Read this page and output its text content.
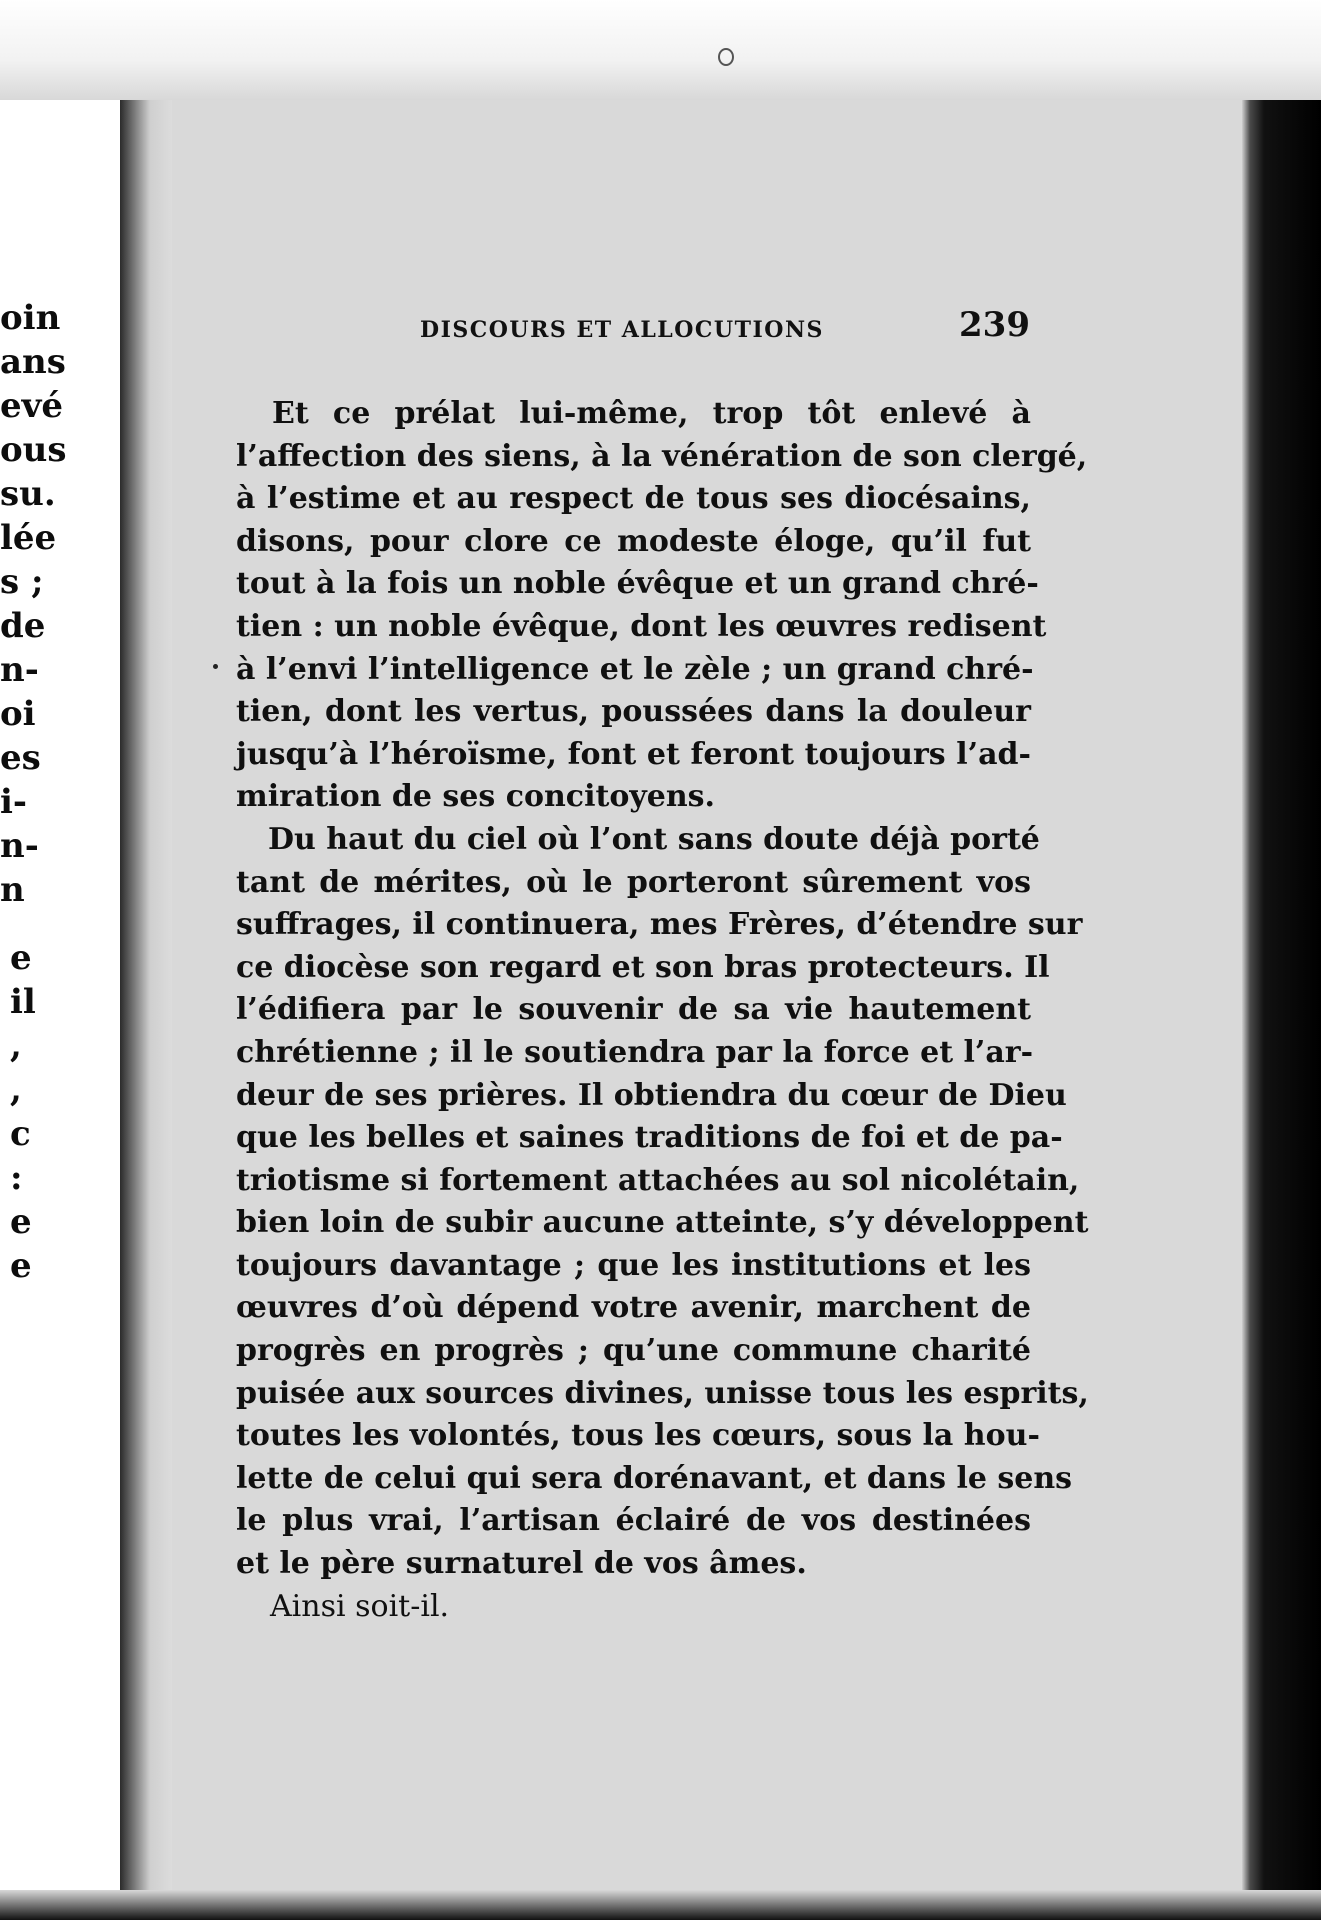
oin
ans
evé
ous
su.
lée
s ;
de
n-
oi
es
i-
n-
n
e
il
,
,
c
:
e
e
DISCOURS ET ALLOCUTIONS	239
Et ce prélat lui-même, trop tôt enlevé à
l’affection des siens, à la vénération de son clergé,
à l’estime et au respect de tous ses diocésains,
disons, pour clore ce modeste éloge, qu’il fut
tout à la fois un noble évêque et un grand chré-
tien : un noble évêque, dont les œuvres redisent
à l’envi l’intelligence et le zèle ; un grand chré-
tien, dont les vertus, poussées dans la douleur
jusqu’à l’héroïsme, font et feront toujours l’ad-
miration de ses concitoyens.
Du haut du ciel où l’ont sans doute déjà porté
tant de mérites, où le porteront sûrement vos
suffrages, il continuera, mes Frères, d’étendre sur
ce diocèse son regard et son bras protecteurs. Il
l’édifiera par le souvenir de sa vie hautement
chrétienne ; il le soutiendra par la force et l’ar-
deur de ses prières. Il obtiendra du cœur de Dieu
que les belles et saines traditions de foi et de pa-
triotisme si fortement attachées au sol nicolétain,
bien loin de subir aucune atteinte, s’y développent
toujours davantage ; que les institutions et les
œuvres d’où dépend votre avenir, marchent de
progrès en progrès ; qu’une commune charité
puisée aux sources divines, unisse tous les esprits,
toutes les volontés, tous les cœurs, sous la hou-
lette de celui qui sera dorénavant, et dans le sens
le plus vrai, l’artisan éclairé de vos destinées
et le père surnaturel de vos âmes.
Ainsi soit-il.
